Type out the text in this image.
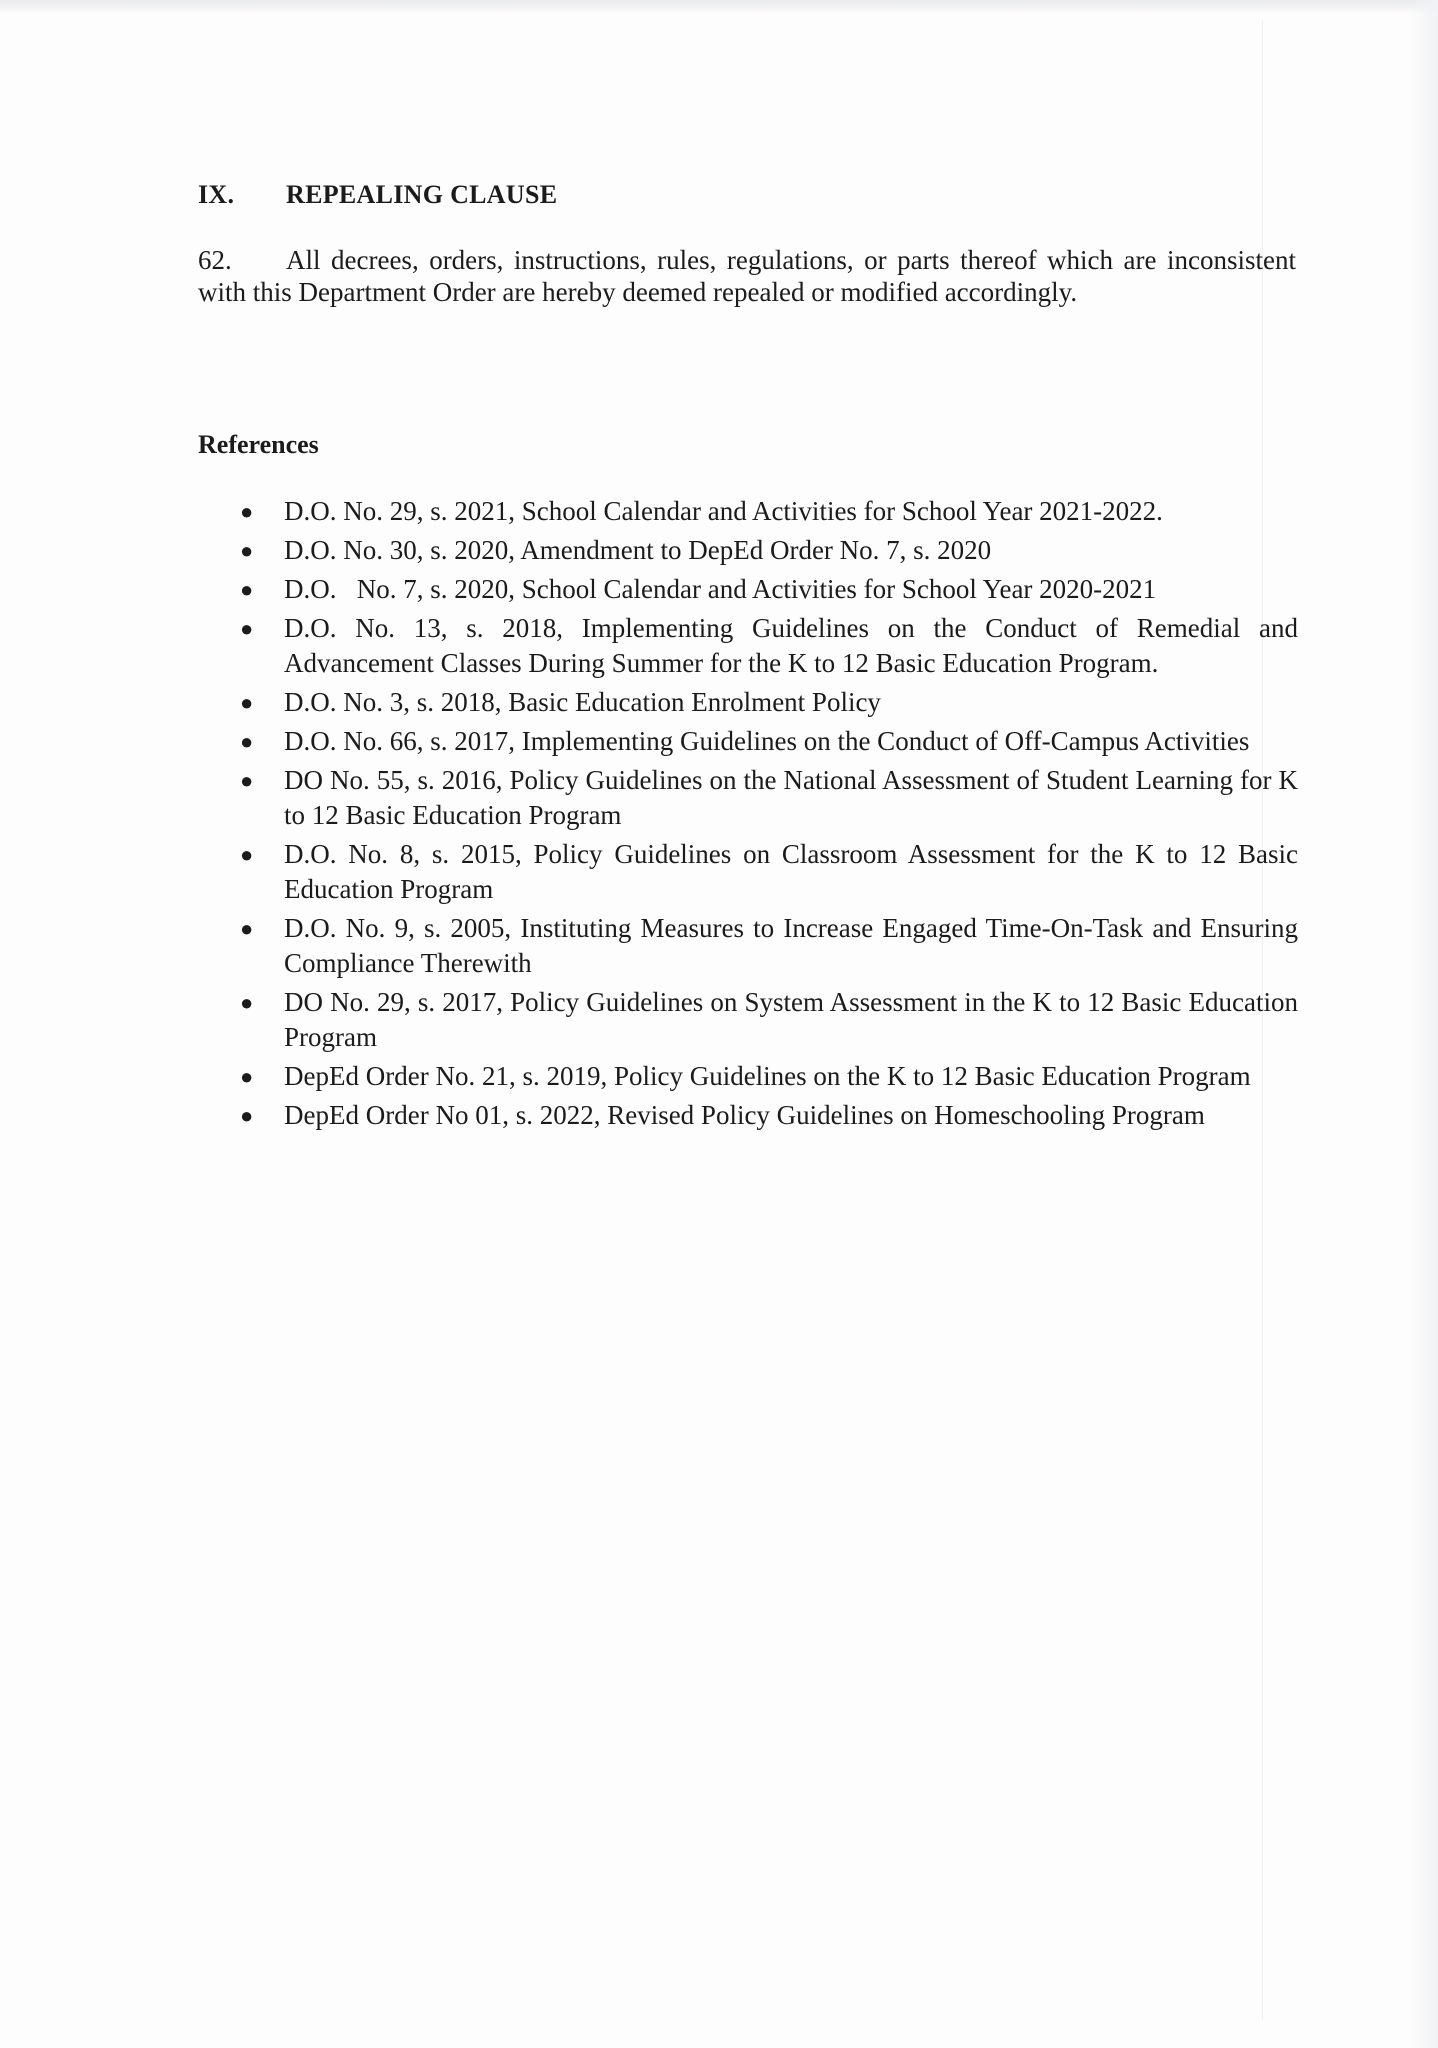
IX. REPEALING CLAUSE
62. All decrees, orders, instructions, rules, regulations, or parts thereof which are inconsistent with this Department Order are hereby deemed repealed or modified accordingly.
References
● D.O. No. 29, s. 2021, School Calendar and Activities for School Year 2021-2022.
● D.O. No. 30, s. 2020, Amendment to DepEd Order No. 7, s. 2020
● D.O.   No. 7, s. 2020, School Calendar and Activities for School Year 2020-2021
● D.O. No. 13, s. 2018, Implementing Guidelines on the Conduct of Remedial and Advancement Classes During Summer for the K to 12 Basic Education Program.
● D.O. No. 3, s. 2018, Basic Education Enrolment Policy
● D.O. No. 66, s. 2017, Implementing Guidelines on the Conduct of Off-Campus Activities
● DO No. 55, s. 2016, Policy Guidelines on the National Assessment of Student Learning for K to 12 Basic Education Program
● D.O. No. 8, s. 2015, Policy Guidelines on Classroom Assessment for the K to 12 Basic Education Program
● D.O. No. 9, s. 2005, Instituting Measures to Increase Engaged Time-On-Task and Ensuring Compliance Therewith
● DO No. 29, s. 2017, Policy Guidelines on System Assessment in the K to 12 Basic Education Program
● DepEd Order No. 21, s. 2019, Policy Guidelines on the K to 12 Basic Education Program
● DepEd Order No 01, s. 2022, Revised Policy Guidelines on Homeschooling Program
